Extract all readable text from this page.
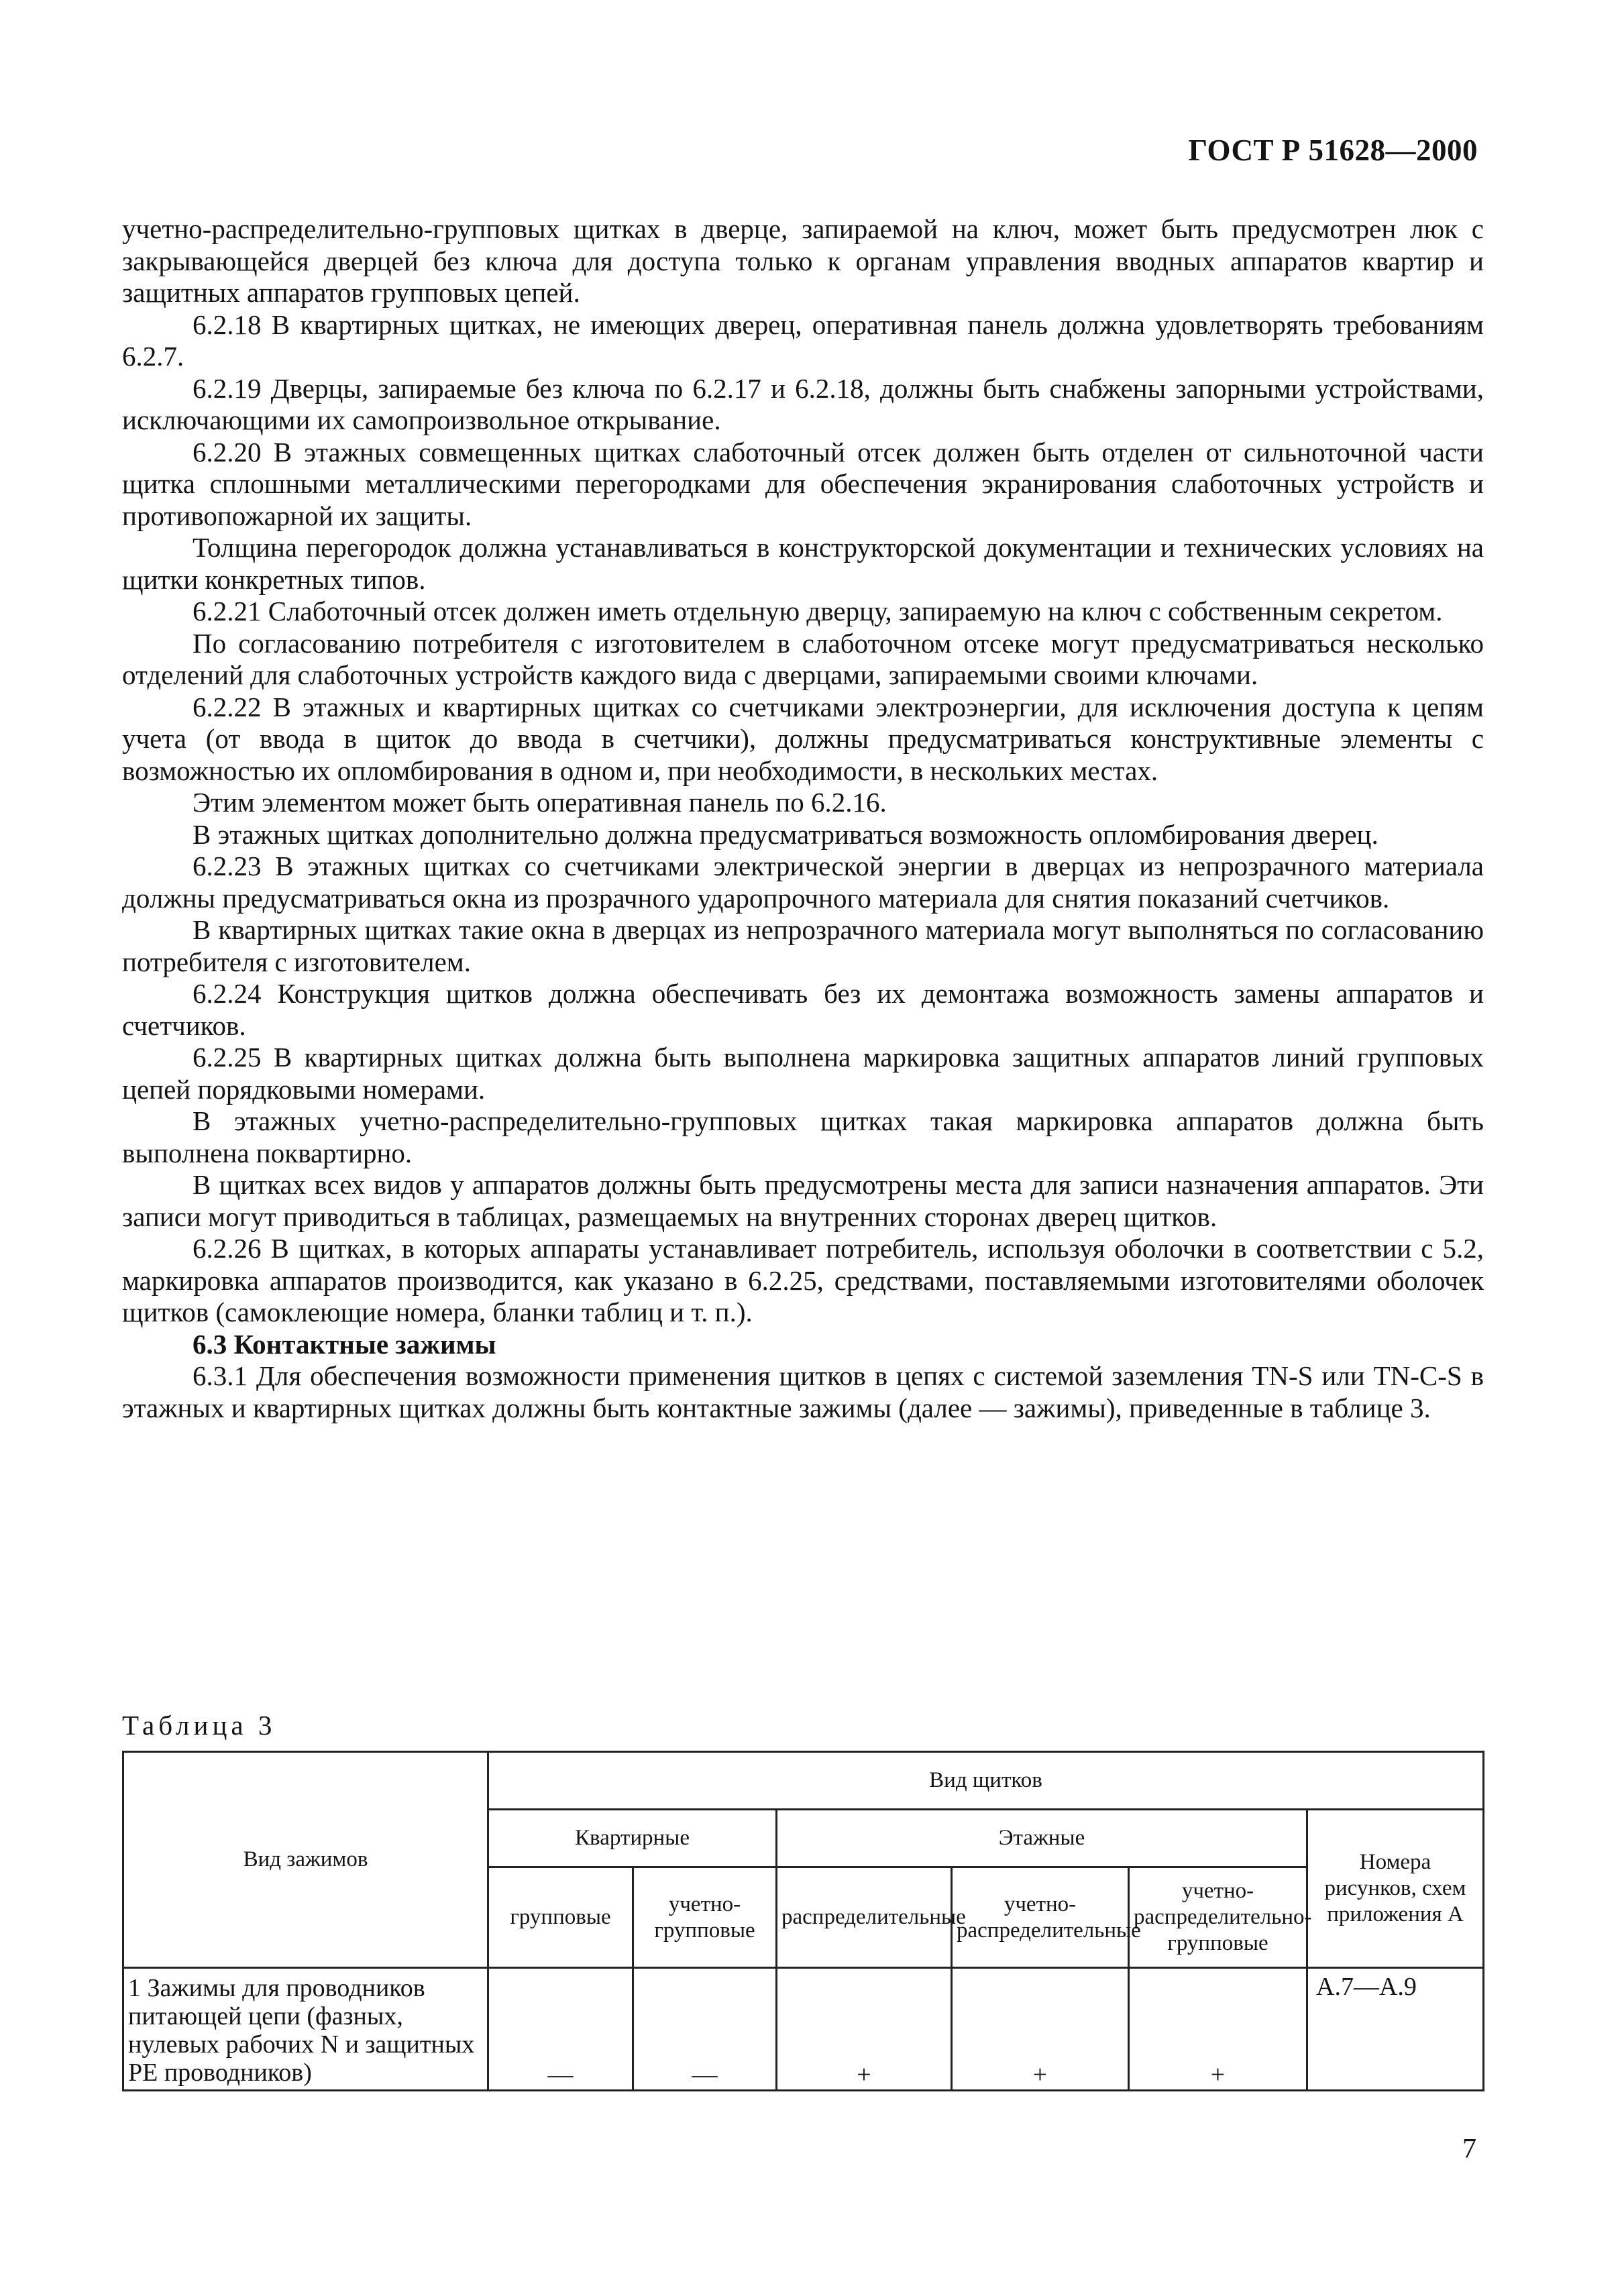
ГОСТ Р 51628—2000

учетно-распределительно-групповых щитках в дверце, запираемой на ключ, может быть предусмотрен люк с закрывающейся дверцей без ключа для доступа только к органам управления вводных аппаратов квартир и защитных аппаратов групповых цепей.

6.2.18 В квартирных щитках, не имеющих дверец, оперативная панель должна удовлетворять требованиям 6.2.7.

6.2.19 Дверцы, запираемые без ключа по 6.2.17 и 6.2.18, должны быть снабжены запорными устройствами, исключающими их самопроизвольное открывание.

6.2.20 В этажных совмещенных щитках слаботочный отсек должен быть отделен от сильноточной части щитка сплошными металлическими перегородками для обеспечения экранирования слаботочных устройств и противопожарной их защиты.

Толщина перегородок должна устанавливаться в конструкторской документации и технических условиях на щитки конкретных типов.

6.2.21 Слаботочный отсек должен иметь отдельную дверцу, запираемую на ключ с собственным секретом.

По согласованию потребителя с изготовителем в слаботочном отсеке могут предусматриваться несколько отделений для слаботочных устройств каждого вида с дверцами, запираемыми своими ключами.

6.2.22 В этажных и квартирных щитках со счетчиками электроэнергии, для исключения доступа к цепям учета (от ввода в щиток до ввода в счетчики), должны предусматриваться конструктивные элементы с возможностью их опломбирования в одном и, при необходимости, в нескольких местах.

Этим элементом может быть оперативная панель по 6.2.16.

В этажных щитках дополнительно должна предусматриваться возможность опломбирования дверец.

6.2.23 В этажных щитках со счетчиками электрической энергии в дверцах из непрозрачного материала должны предусматриваться окна из прозрачного ударопрочного материала для снятия показаний счетчиков.

В квартирных щитках такие окна в дверцах из непрозрачного материала могут выполняться по согласованию потребителя с изготовителем.

6.2.24 Конструкция щитков должна обеспечивать без их демонтажа возможность замены аппаратов и счетчиков.

6.2.25 В квартирных щитках должна быть выполнена маркировка защитных аппаратов линий групповых цепей порядковыми номерами.

В этажных учетно-распределительно-групповых щитках такая маркировка аппаратов должна быть выполнена поквартирно.

В щитках всех видов у аппаратов должны быть предусмотрены места для записи назначения аппаратов. Эти записи могут приводиться в таблицах, размещаемых на внутренних сторонах дверец щитков.

6.2.26 В щитках, в которых аппараты устанавливает потребитель, используя оболочки в соответствии с 5.2, маркировка аппаратов производится, как указано в 6.2.25, средствами, поставляемыми изготовителями оболочек щитков (самоклеющие номера, бланки таблиц и т. п.).

6.3 Контактные зажимы

6.3.1 Для обеспечения возможности применения щитков в цепях с системой заземления TN-S или TN-C-S в этажных и квартирных щитках должны быть контактные зажимы (далее — зажимы), приведенные в таблице 3.

Таблица 3
Вид зажимов	Вид щитков					
	Квартирные		Этажные			Номера рисунков, схем приложения А
	групповые	учетно-групповые	распределительные	учетно-распределительные	учетно-распределительно-групповые	
1 Зажимы для проводников питающей цепи (фазных, нулевых рабочих N и защитных PE проводников)	—	—	+	+	+	А.7—А.9
7
